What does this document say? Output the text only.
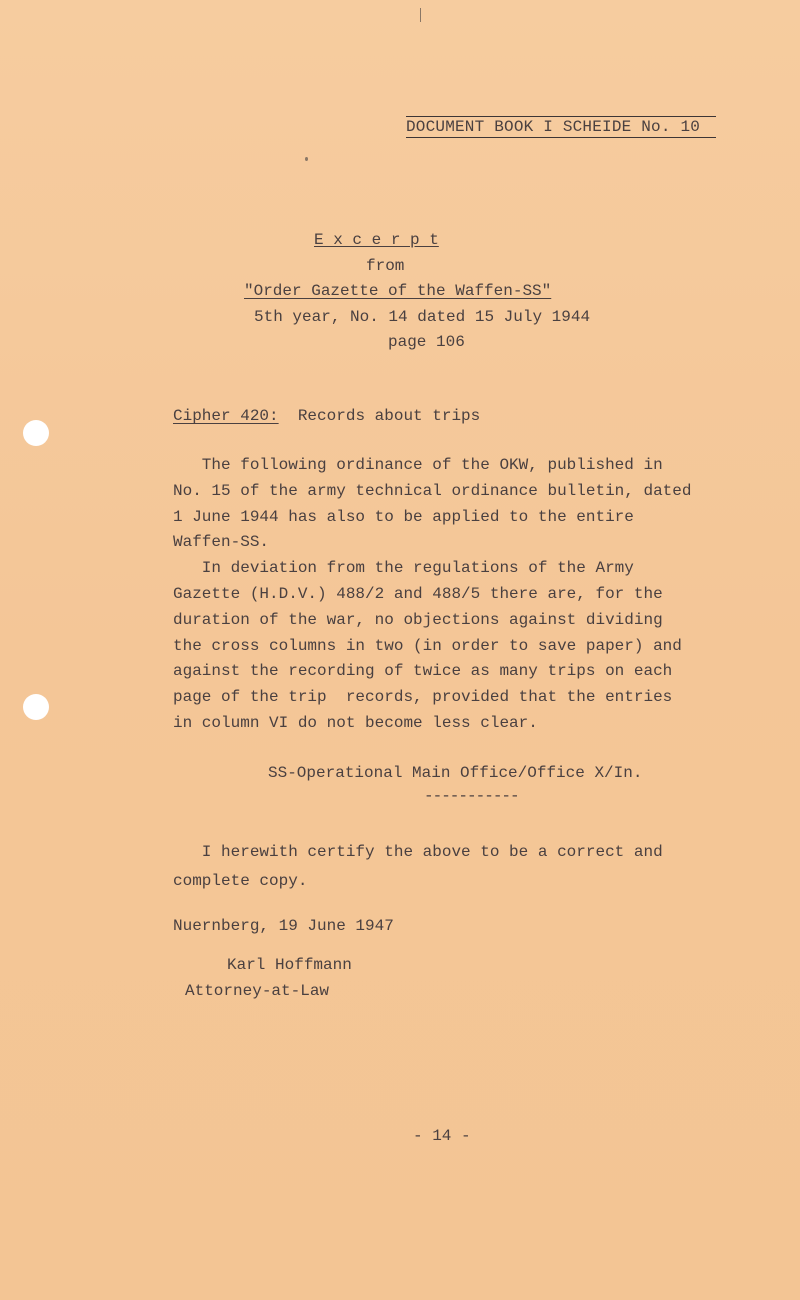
DOCUMENT BOOK I SCHEIDE No. 10
E x c e r p t
from
"Order Gazette of the Waffen-SS"
5th year, No. 14 dated 15 July 1944
page 106
Cipher 420: Records about trips
The following ordinance of the OKW, published in
No. 15 of the army technical ordinance bulletin, dated
1 June 1944 has also to be applied to the entire
Waffen-SS.
In deviation from the regulations of the Army
Gazette (H.D.V.) 488/2 and 488/5 there are, for the
duration of the war, no objections against dividing
the cross columns in two (in order to save paper) and
against the recording of twice as many trips on each
page of the trip  records, provided that the entries
in column VI do not become less clear.
SS-Operational Main Office/Office X/In.
-----------
I herewith certify the above to be a correct and
complete copy.
Nuernberg, 19 June 1947
Karl Hoffmann
Attorney-at-Law
- 14 -
